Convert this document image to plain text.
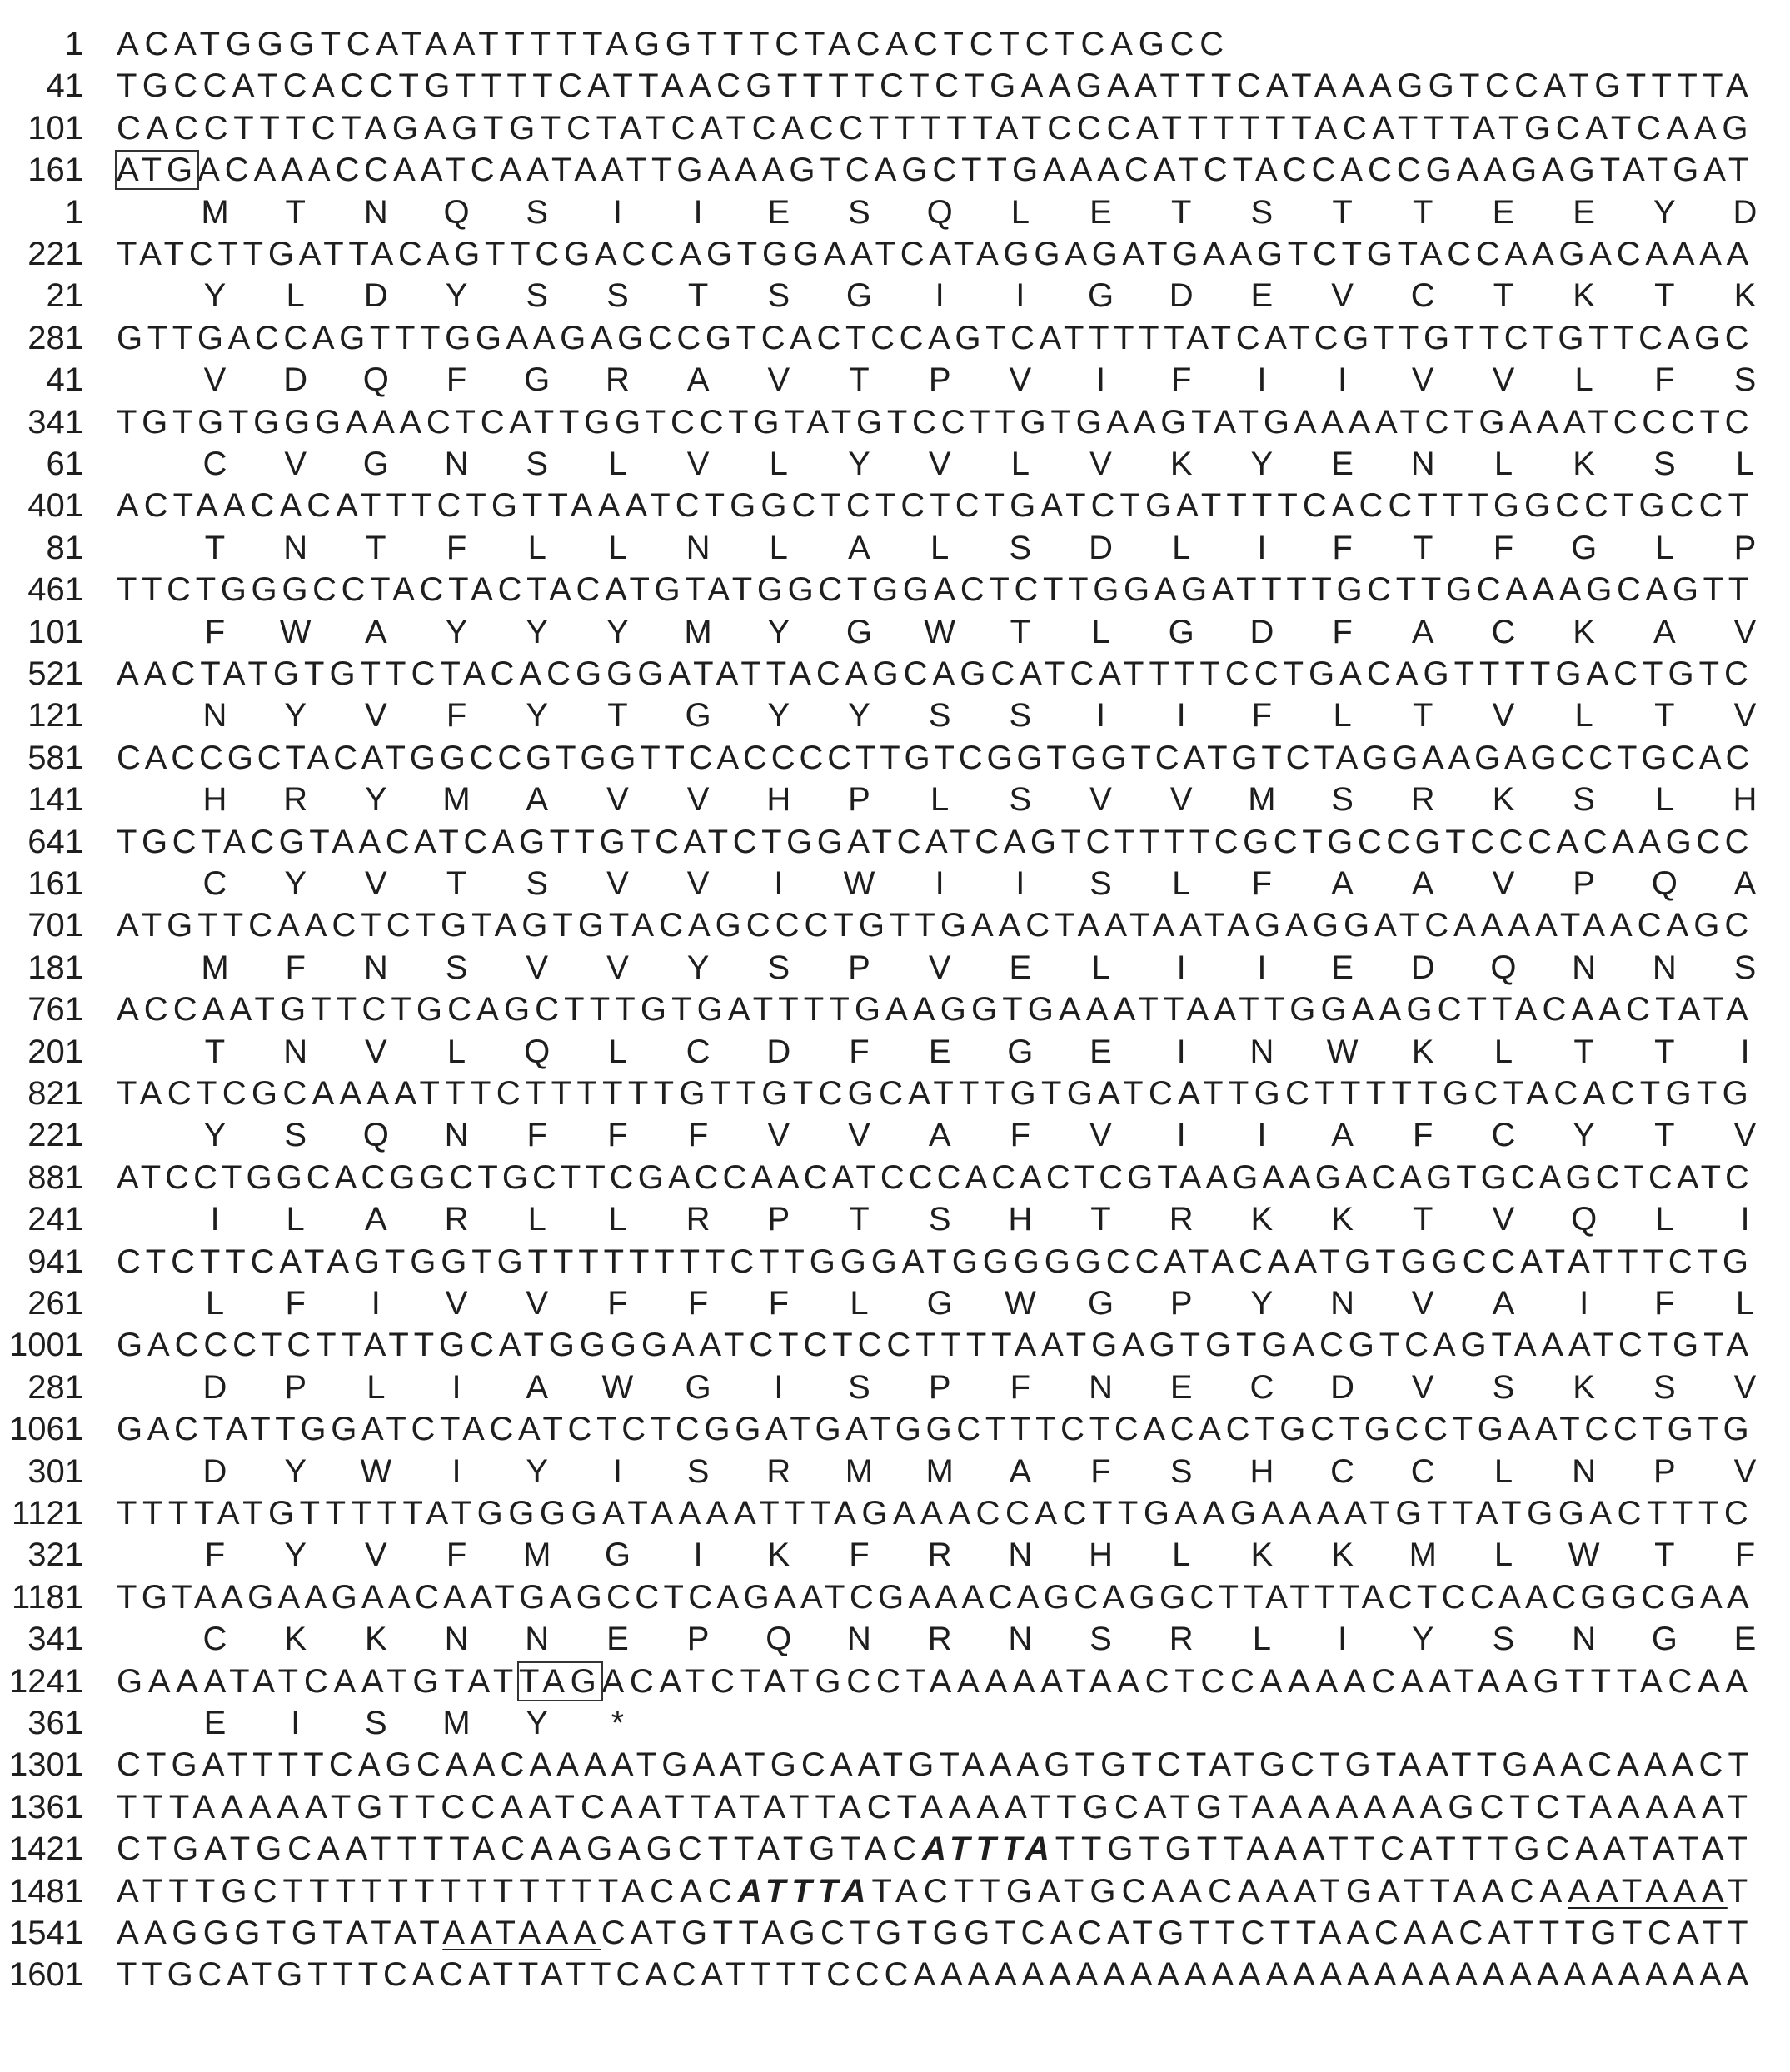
1 ACATGGGTCATAATTTTTAGGTTTCTACACTCTCTCAGCC
41 TGCCATCACCTGTTTTCATTAACGTTTTCTCTGAAGAATTTCATAAAGGTCCATGTTTTA
101 CACCTTTCTAGAGTGTCTATCATCACCTTTTTATCCCATTTTTTACATTTATGCATCAAG
161 ATGACAAACCAATCAATAATTGAAAGTCAGCTTGAAACATCTACCACCGAAGAGTATGAT
1	M T N Q S I I E S Q L E T S T T E E Y D
221 TATCTTGATTACAGTTCGACCAGTGGAATCATAGGAGATGAAGTCTGTACCAAGACAAAA
21	Y L D Y S S T S G I I G D E V C T K T K
281 GTTGACCAGTTTGGAAGAGCCGTCACTCCAGTCATTTTTATCATCGTTGTTCTGTTCAGC
41	V D Q F G R A V T P V I F I I V V L F S
341 TGTGTGGGAAACTCATTGGTCCTGTATGTCCTTGTGAAGTATGAAAATCTGAAATCCCTC
61	C V G N S L V L Y V L V K Y E N L K S L
401 ACTAACACATTTCTGTTAAATCTGGCTCTCTCTGATCTGATTTTCACCTTTGGCCTGCCT
81	T N T F L L N L A L S D L I F T F G L P
461 TTCTGGGCCTACTACTACATGTATGGCTGGACTCTTGGAGATTTTGCTTGCAAAGCAGTT
101	F W A Y Y Y M Y G W T L G D F A C K A V
521 AACTATGTGTTCTACACGGGATATTACAGCAGCATCATTTTCCTGACAGTTTTGACTGTC
121	N Y V F Y T G Y Y S S I I F L T V L T V
581 CACCGCTACATGGCCGTGGTTCACCCCTTGTCGGTGGTCATGTCTAGGAAGAGCCTGCAC
141	H R Y M A V V H P L S V V M S R K S L H
641 TGCTACGTAACATCAGTTGTCATCTGGATCATCAGTCTTTTCGCTGCCGTCCCACAAGCC
161	C Y V T S V V I W I I S L F A A V P Q A
701 ATGTTCAACTCTGTAGTGTACAGCCCTGTTGAACTAATAATAGAGGATCAAAATAACAGC
181	M F N S V V Y S P V E L I I E D Q N N S
761 ACCAATGTTCTGCAGCTTTGTGATTTTGAAGGTGAAATTAATTGGAAGCTTACAACTATA
201	T N V L Q L C D F E G E I N W K L T T I
821 TACTCGCAAAATTTCTTTTTTGTTGTCGCATTTGTGATCATTGCTTTTTGCTACACTGTG
221	Y S Q N F F F V V A F V I I A F C Y T V
881 ATCCTGGCACGGCTGCTTCGACCAACATCCCACACTCGTAAGAAGACAGTGCAGCTCATC
241	I L A R L L R P T S H T R K K T V Q L I
941 CTCTTCATAGTGGTGTTTTTTTTCTTGGGATGGGGGCCATACAATGTGGCCATATTTCTG
261	L F I V V F F F L G W G P Y N V A I F L
1001 GACCCTCTTATTGCATGGGGAATCTCTCCTTTTAATGAGTGTGACGTCAGTAAATCTGTA
281	D P L I A W G I S P F N E C D V S K S V
1061 GACTATTGGATCTACATCTCTCGGATGATGGCTTTCTCACACTGCTGCCTGAATCCTGTG
301	D Y W I Y I S R M M A F S H C C L N P V
1121 TTTTATGTTTTTATGGGGATAAAATTTAGAAACCACTTGAAGAAAATGTTATGGACTTTC
321	F Y V F M G I K F R N H L K K M L W T F
1181 TGTAAGAAGAACAATGAGCCTCAGAATCGAAACAGCAGGCTTATTTACTCCAACGGCGAA
341	C K K N N E P Q N R N S R L I Y S N G E
1241 GAAATATCAATGTATTAGACATCTATGCCTAAAAATAACTCCAAAACAATAAGTTTACAA
361	E I S M Y *
1301 CTGATTTTCAGCAACAAAATGAATGCAATGTAAAGTGTCTATGCTGTAATTGAACAAACT
1361 TTTAAAAATGTTCCAATCAATTATATTACTAAAATTGCATGTAAAAAAAGCTCTAAAAAT
1421 CTGATGCAATTTTACAAGAGCTTATGTACATTTATTGTGTTAAATTCATTTGCAATATAT
1481 ATTTGCTTTTTTTTTTTTTACACATTTATACTTGATGCAACAAATGATTAACAAATAAAT
1541 AAGGGTGTATATAATAAACATGTTAGCTGTGGTCACATGTTCTTAACAACATTTGTCATT
1601 TTGCATGTTTCACATTATTCACATTTTCCCAAAAAAAAAAAAAAAAAAAAAAAAAAAAAAA
